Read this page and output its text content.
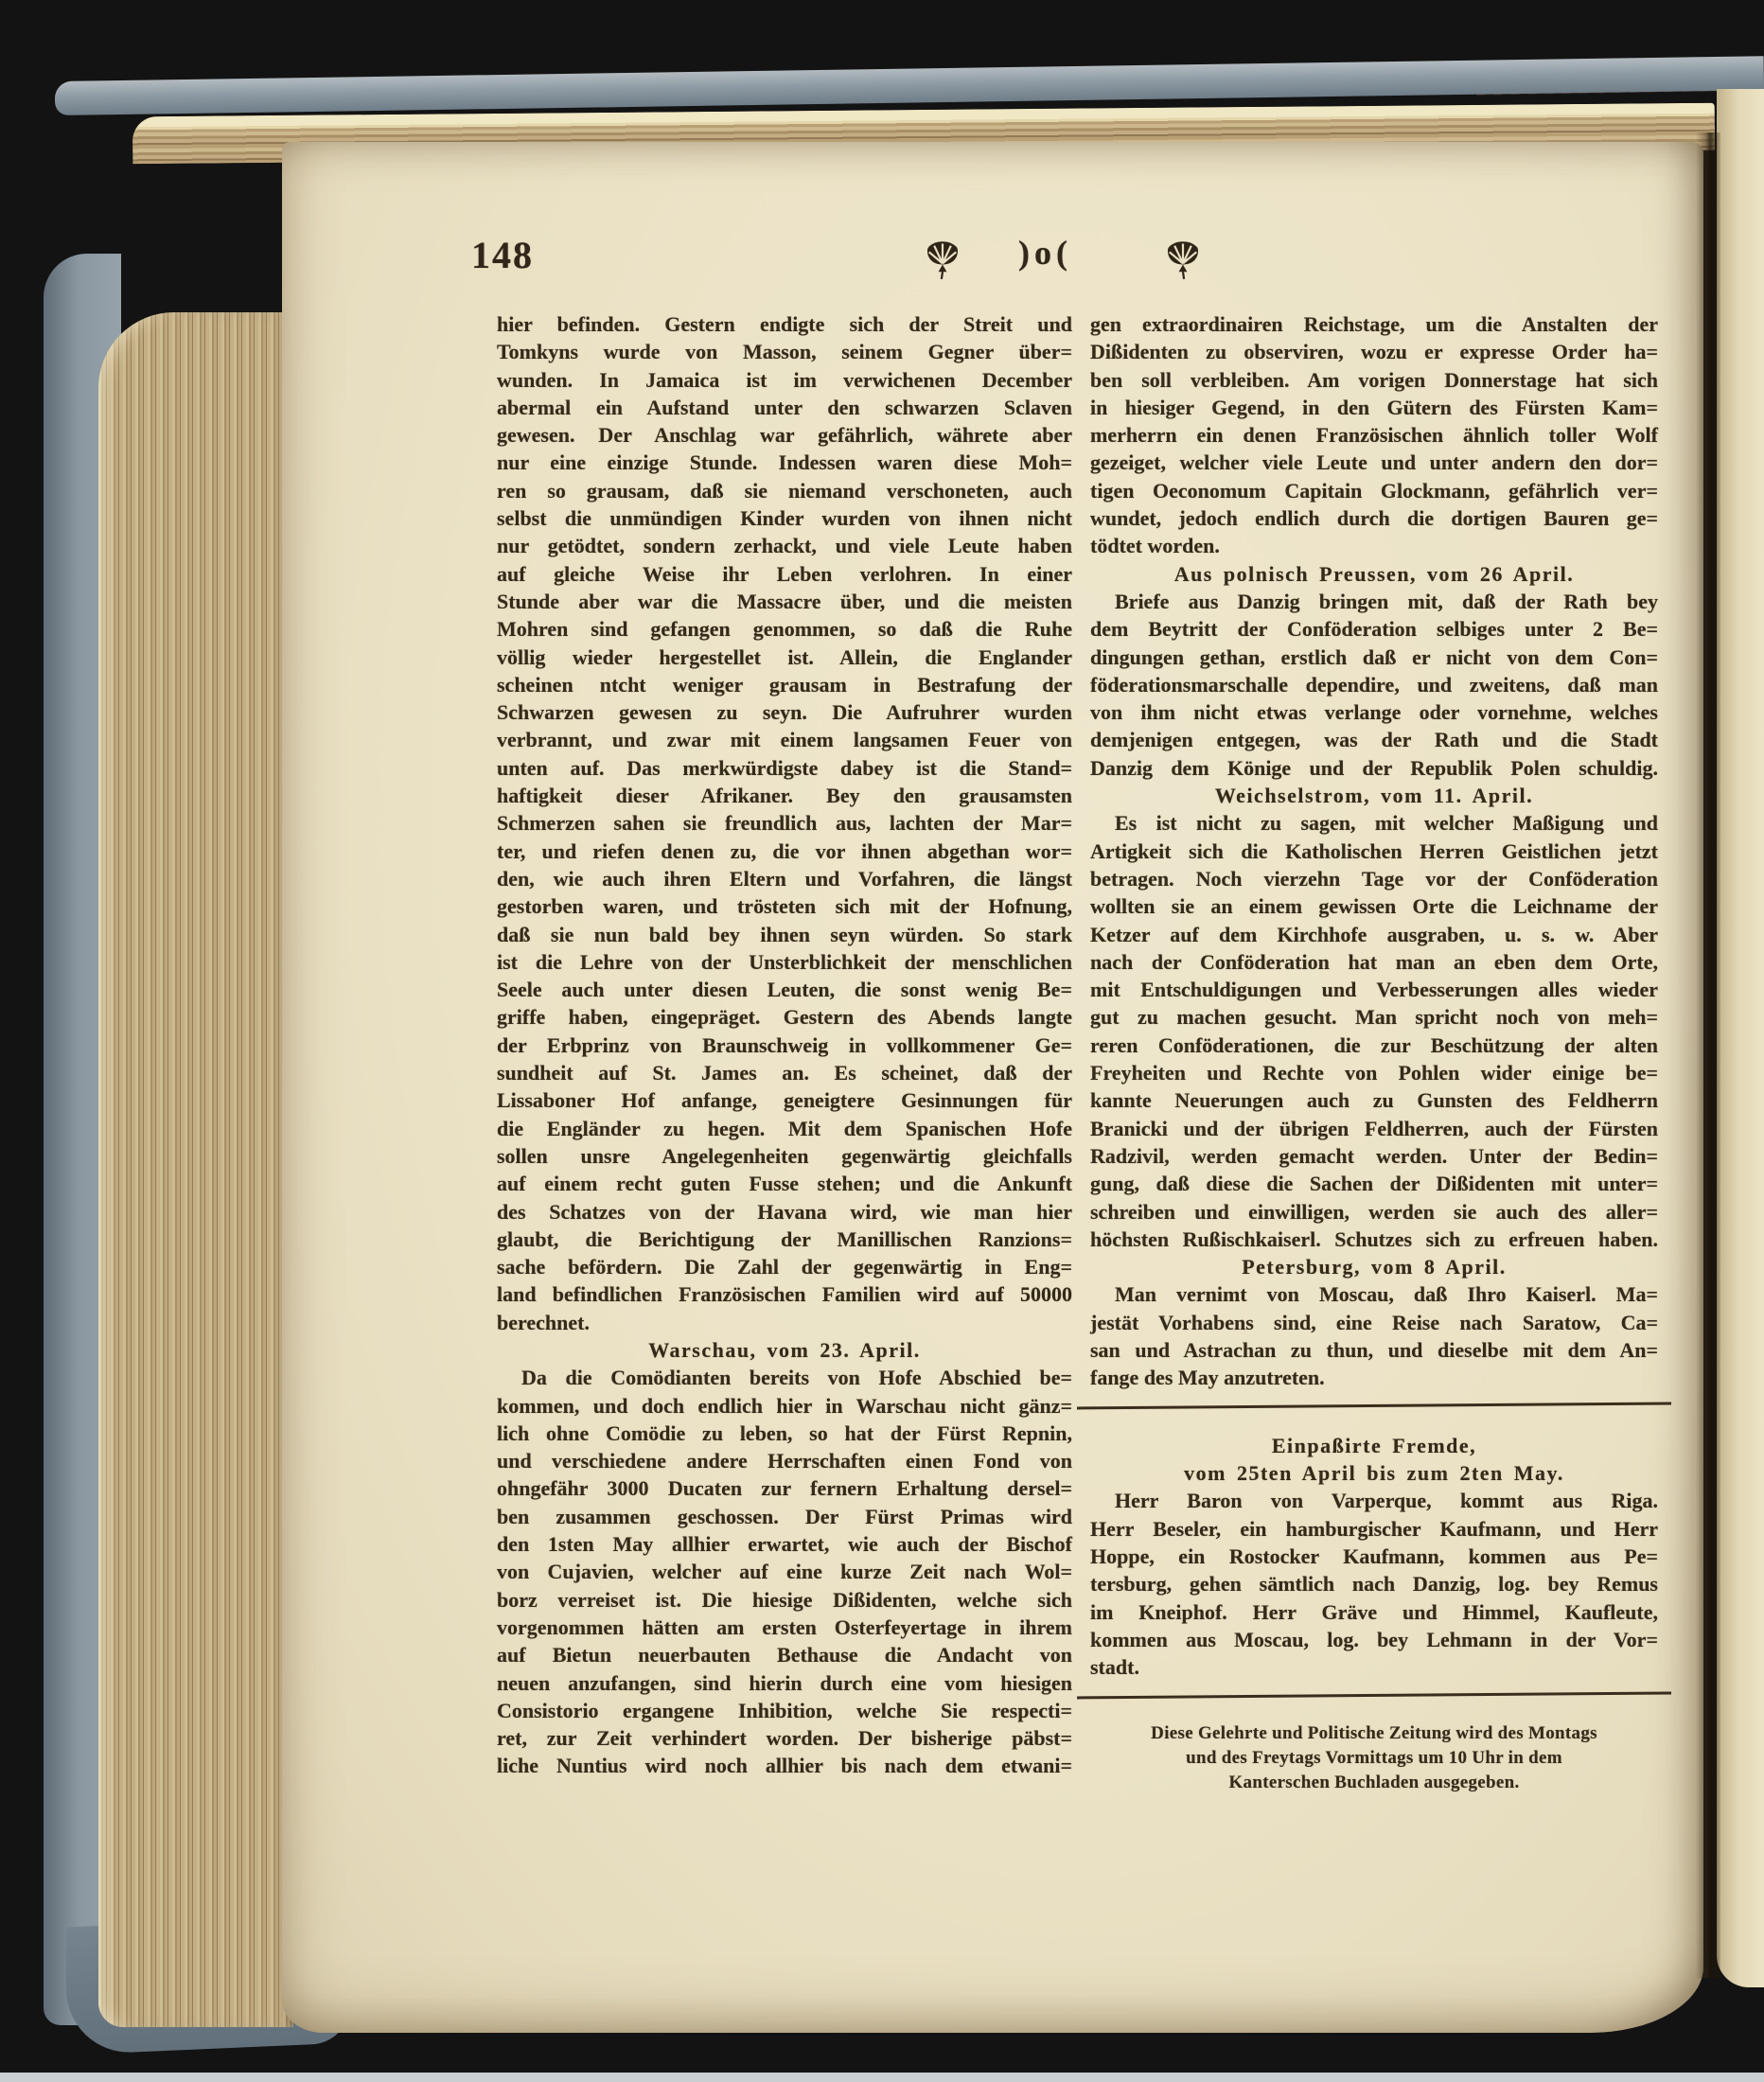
148	)o(
hier befinden. Gestern endigte sich der Streit und
Tomkyns wurde von Masson, seinem Gegner über=
wunden. In Jamaica ist im verwichenen December
abermal ein Aufstand unter den schwarzen Sclaven
gewesen. Der Anschlag war gefährlich, währete aber
nur eine einzige Stunde. Indessen waren diese Moh=
ren so grausam, daß sie niemand verschoneten, auch
selbst die unmündigen Kinder wurden von ihnen nicht
nur getödtet, sondern zerhackt, und viele Leute haben
auf gleiche Weise ihr Leben verlohren. In einer
Stunde aber war die Massacre über, und die meisten
Mohren sind gefangen genommen, so daß die Ruhe
völlig wieder hergestellet ist. Allein, die Englander
scheinen ntcht weniger grausam in Bestrafung der
Schwarzen gewesen zu seyn. Die Aufruhrer wurden
verbrannt, und zwar mit einem langsamen Feuer von
unten auf. Das merkwürdigste dabey ist die Stand=
haftigkeit dieser Afrikaner. Bey den grausamsten
Schmerzen sahen sie freundlich aus, lachten der Mar=
ter, und riefen denen zu, die vor ihnen abgethan wor=
den, wie auch ihren Eltern und Vorfahren, die längst
gestorben waren, und trösteten sich mit der Hofnung,
daß sie nun bald bey ihnen seyn würden. So stark
ist die Lehre von der Unsterblichkeit der menschlichen
Seele auch unter diesen Leuten, die sonst wenig Be=
griffe haben, eingepräget. Gestern des Abends langte
der Erbprinz von Braunschweig in vollkommener Ge=
sundheit auf St. James an. Es scheinet, daß der
Lissaboner Hof anfange, geneigtere Gesinnungen für
die Engländer zu hegen. Mit dem Spanischen Hofe
sollen unsre Angelegenheiten gegenwärtig gleichfalls
auf einem recht guten Fusse stehen; und die Ankunft
des Schatzes von der Havana wird, wie man hier
glaubt, die Berichtigung der Manillischen Ranzions=
sache befördern. Die Zahl der gegenwärtig in Eng=
land befindlichen Französischen Familien wird auf 50000
berechnet.
Warschau, vom 23. April.
Da die Comödianten bereits von Hofe Abschied be=
kommen, und doch endlich hier in Warschau nicht gänz=
lich ohne Comödie zu leben, so hat der Fürst Repnin,
und verschiedene andere Herrschaften einen Fond von
ohngefähr 3000 Ducaten zur fernern Erhaltung dersel=
ben zusammen geschossen. Der Fürst Primas wird
den 1sten May allhier erwartet, wie auch der Bischof
von Cujavien, welcher auf eine kurze Zeit nach Wol=
borz verreiset ist. Die hiesige Dißidenten, welche sich
vorgenommen hätten am ersten Osterfeyertage in ihrem
auf Bietun neuerbauten Bethause die Andacht von
neuen anzufangen, sind hierin durch eine vom hiesigen
Consistorio ergangene Inhibition, welche Sie respecti=
ret, zur Zeit verhindert worden. Der bisherige päbst=
liche Nuntius wird noch allhier bis nach dem etwani=
gen extraordinairen Reichstage, um die Anstalten der
Dißidenten zu observiren, wozu er expresse Order ha=
ben soll verbleiben. Am vorigen Donnerstage hat sich
in hiesiger Gegend, in den Gütern des Fürsten Kam=
merherrn ein denen Französischen ähnlich toller Wolf
gezeiget, welcher viele Leute und unter andern den dor=
tigen Oeconomum Capitain Glockmann, gefährlich ver=
wundet, jedoch endlich durch die dortigen Bauren ge=
tödtet worden.
Aus polnisch Preussen, vom 26 April.
Briefe aus Danzig bringen mit, daß der Rath bey
dem Beytritt der Conföderation selbiges unter 2 Be=
dingungen gethan, erstlich daß er nicht von dem Con=
föderationsmarschalle dependire, und zweitens, daß man
von ihm nicht etwas verlange oder vornehme, welches
demjenigen entgegen, was der Rath und die Stadt
Danzig dem Könige und der Republik Polen schuldig.
Weichselstrom, vom 11. April.
Es ist nicht zu sagen, mit welcher Maßigung und
Artigkeit sich die Katholischen Herren Geistlichen jetzt
betragen. Noch vierzehn Tage vor der Conföderation
wollten sie an einem gewissen Orte die Leichname der
Ketzer auf dem Kirchhofe ausgraben, u. s. w. Aber
nach der Conföderation hat man an eben dem Orte,
mit Entschuldigungen und Verbesserungen alles wieder
gut zu machen gesucht. Man spricht noch von meh=
reren Conföderationen, die zur Beschützung der alten
Freyheiten und Rechte von Pohlen wider einige be=
kannte Neuerungen auch zu Gunsten des Feldherrn
Branicki und der übrigen Feldherren, auch der Fürsten
Radzivil, werden gemacht werden. Unter der Bedin=
gung, daß diese die Sachen der Dißidenten mit unter=
schreiben und einwilligen, werden sie auch des aller=
höchsten Rußischkaiserl. Schutzes sich zu erfreuen haben.
Petersburg, vom 8 April.
Man vernimt von Moscau, daß Ihro Kaiserl. Ma=
jestät Vorhabens sind, eine Reise nach Saratow, Ca=
san und Astrachan zu thun, und dieselbe mit dem An=
fange des May anzutreten.
Einpaßirte Fremde,
vom 25ten April bis zum 2ten May.
Herr Baron von Varperque, kommt aus Riga.
Herr Beseler, ein hamburgischer Kaufmann, und Herr
Hoppe, ein Rostocker Kaufmann, kommen aus Pe=
tersburg, gehen sämtlich nach Danzig, log. bey Remus
im Kneiphof. Herr Gräve und Himmel, Kaufleute,
kommen aus Moscau, log. bey Lehmann in der Vor=
stadt.
Diese Gelehrte und Politische Zeitung wird des Montags
und des Freytags Vormittags um 10 Uhr in dem
Kanterschen Buchladen ausgegeben.
